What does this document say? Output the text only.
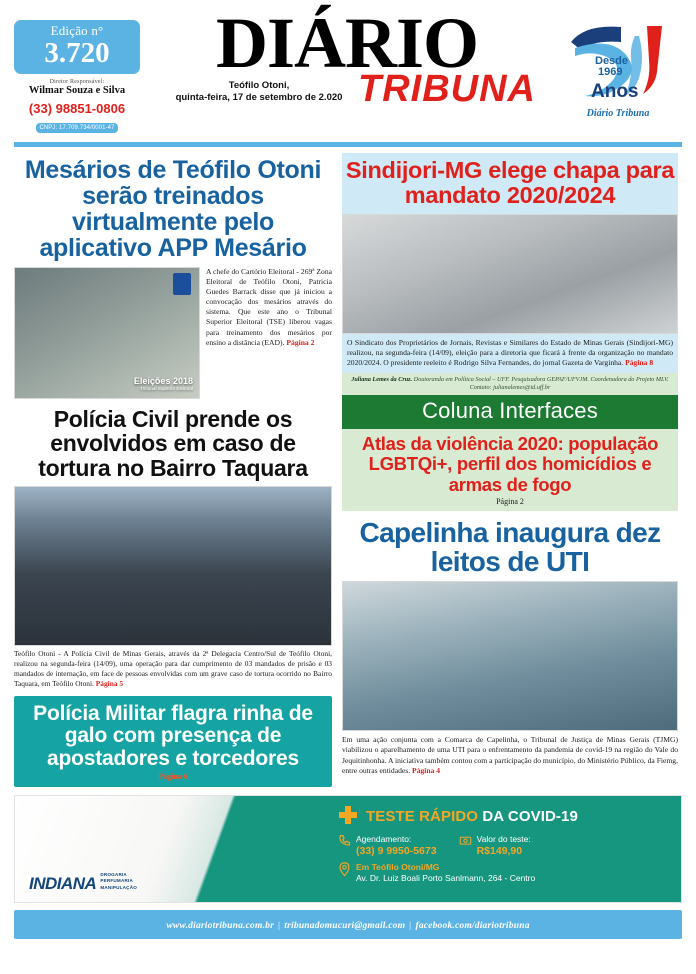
Edição n°
3.720
Diretor Responsável:
Wilmar Souza e Silva
(33) 98851-0806
CNPJ: 17.709.734/0001-47
DIÁRIO
TRIBUNA
Teófilo Otoni,
quinta-feira, 17 de setembro de 2.020
Desde
1969
Anos
Diário Tribuna
Mesários de Teófilo Otoni serão treinados virtualmente pelo aplicativo APP Mesário
Eleições 2018
Tribunal Superior Eleitoral
A chefe do Cartório Eleitoral - 269ª Zona Eleitoral de Teófilo Otoni, Patricia Guedes Barrack disse que já iniciou a convocação dos mesários através do sistema. Que este ano o Tribunal Superior Eleitoral (TSE) liberou vagas para treinamento dos mesários por ensino a distância (EAD). Página 2
Polícia Civil prende os envolvidos em caso de tortura no Bairro Taquara
Teófilo Otoni - A Polícia Civil de Minas Gerais, através da 2ª Delegacia Centro/Sul de Teófilo Otoni, realizou na segunda-feira (14/09), uma operação para dar cumprimento de 03 mandados de prisão e 03 mandados de internação, em face de pessoas envolvidas com um grave caso de tortura ocorrido no Bairro Taquara, em Teófilo Otoni. Página 5
Polícia Militar flagra rinha de galo com presença de apostadores e torcedores
Página 6
Sindijori-MG elege chapa para mandato 2020/2024
O Sindicato dos Proprietários de Jornais, Revistas e Similares do Estado de Minas Gerais (Sindijori-MG) realizou, na segunda-feira (14/09), eleição para a diretoria que ficará à frente da organização no mandato 2020/2024. O presidente reeleito é Rodrigo Silva Fernandes, do jornal Gazeta de Varginha. Página 8
Juliana Lemes da Cruz. Doutoranda em Política Social – UFF. Pesquisadora GEPAF/UFVJM. Coordenadora do Projeto MLV. Contato: julianalemes@id.uff.br
Coluna Interfaces
Atlas da violência 2020: população LGBTQi+, perfil dos homicídios e armas de fogo
Página 2
Capelinha inaugura dez leitos de UTI
Em uma ação conjunta com a Comarca de Capelinha, o Tribunal de Justiça de Minas Gerais (TJMG) viabilizou o aparelhamento de uma UTI para o enfrentamento da pandemia de covid-19 na região do Vale do Jequitinhonha. A iniciativa também contou com a participação do município, do Ministério Público, da Fiemg, entre outras entidades. Página 4
INDIANA
DROGARIA
PERFUMARIA
MANIPULAÇÃO
TESTE RÁPIDO DA COVID-19
Agendamento:
(33) 9 9950-5673
Valor do teste:
R$149,90
Em Teófilo Otoni/MG
Av. Dr. Luiz Boali Porto Sanlmann, 264 - Centro
www.diariotribuna.com.br | tribunadomucuri@gmail.com | facebook.com/diariotribuna
